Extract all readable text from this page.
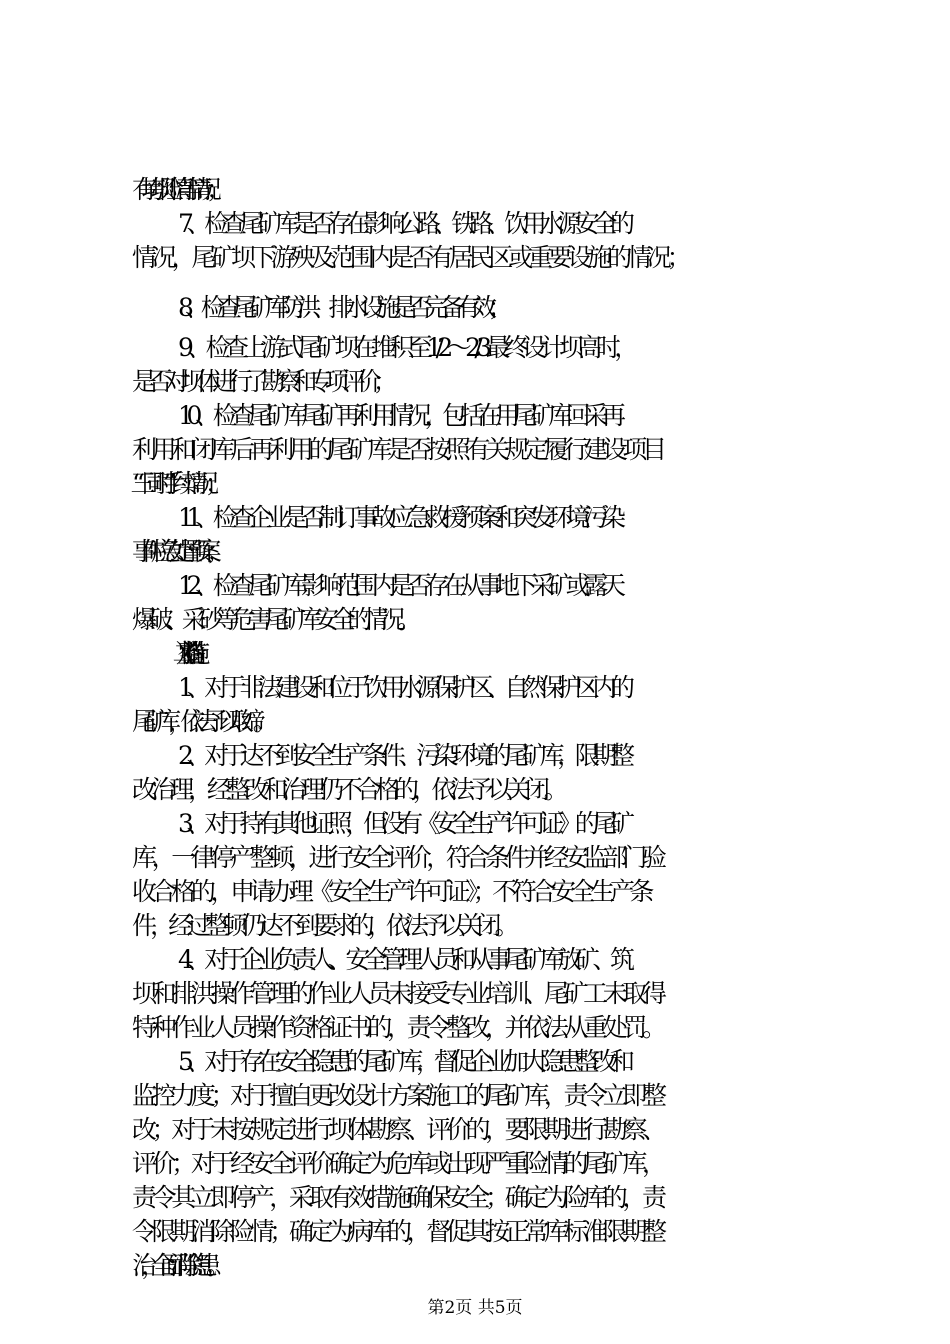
有垮坝险情等情况；
7、检查尾矿库是否存在影响公路、铁路、饮用水源安全的
情况，尾矿坝下游殃及范围内是否有居民区或重要设施的情况；
8、检查尾矿库防洪、排水设施是否完备有效；
9、检查上游式尾矿坝在堆积至1/2～2/3最终设计坝高时，
是否对坝体进行了勘察和专项评价；
10、检查尾矿库尾矿再利用情况，包括在用尾矿库回采再
利用和闭库后再利用的尾矿库是否按照有关规定履行建设项目
“三同时”手续情况；
11、检查企业是否制订事故应急救援预案和突发环境污染
事件应急处置预案；
12、检查尾矿库影响范围内是否存在从事地下采矿或露天
爆破、采砂等危害尾矿库安全的情况。
（二）整治措施：
1、对于非法建设和位于饮用水源保护区、自然保护区内的
尾矿库，依法予以取缔。
2、对于达不到安全生产条件、污染环境的尾矿库，限期整
改治理，经整改和治理仍不合格的，依法予以关闭。
3、对于持有其他证照，但没有《安全生产许可证》的尾矿
库，一律停产整顿，进行安全评价，符合条件并经安监部门验
收合格的，申请办理《安全生产许可证》；不符合安全生产条
件，经过整顿仍达不到要求的，依法予以关闭。
4、对于企业负责人、安全管理人员和从事尾矿库放矿、筑
坝和排洪操作管理的作业人员未接受专业培训、尾矿工未取得
特种作业人员操作资格证书的，责令整改，并依法从重处罚。
5、对于存在安全隐患的尾矿库，督促企业加大隐患整改和
监控力度；对于擅自更改设计方案施工的尾矿库，责令立即整
改；对于未按规定进行坝体勘察、评价的，要限期进行勘察、
评价；对于经安全评价确定为危库或出现严重险情的尾矿库，
责令其立即停产，采取有效措施确保安全；确定为险库的，责
令限期消除险情；确定为病库的，督促其按正常库标准限期整
治，全面消除隐患。
第2页 共5页
